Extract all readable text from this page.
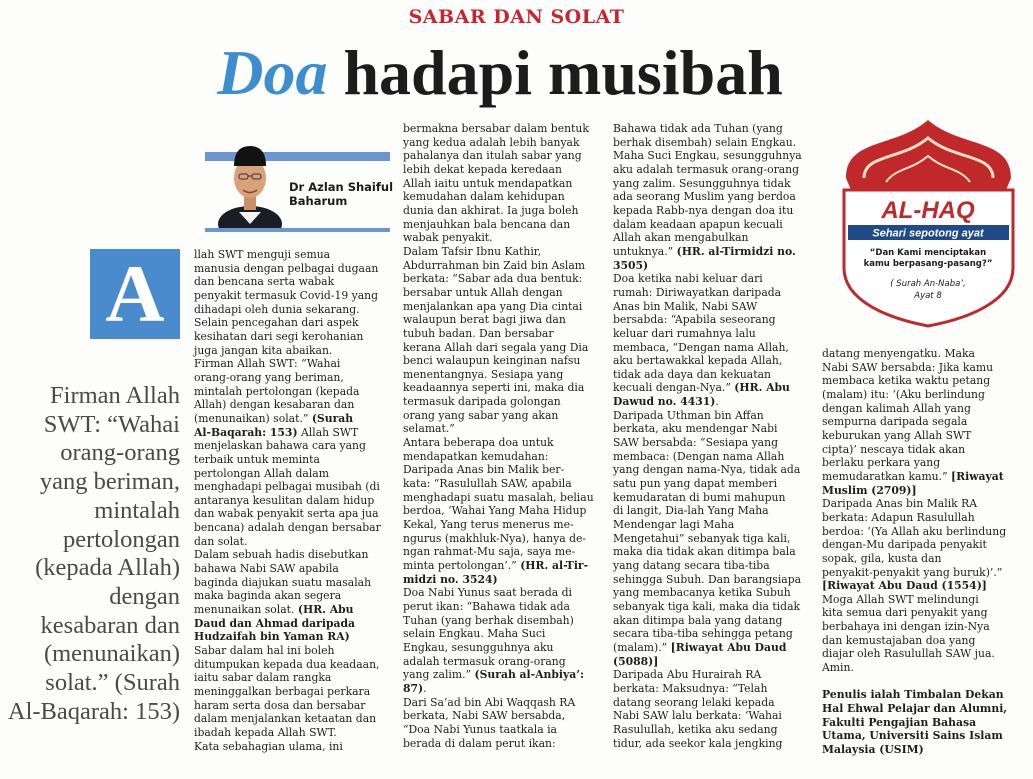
SABAR DAN SOLAT
Doa hadapi musibah
Dr Azlan Shaiful
Baharum
A
Firman Allah
SWT: “Wahai
orang-orang
yang beriman,
mintalah
pertolongan
(kepada Allah)
dengan
kesabaran dan
(menunaikan)
solat.” (Surah
Al-Baqarah: 153)
llah SWT menguji semua
manusia dengan pelbagai dugaan
dan bencana serta wabak
penyakit termasuk Covid-19 yang
dihadapi oleh dunia sekarang.
Selain pencegahan dari aspek
kesihatan dari segi kerohanian
juga jangan kita abaikan.
Firman Allah SWT: “Wahai
orang-orang yang beriman,
mintalah pertolongan (kepada
Allah) dengan kesabaran dan
(menunaikan) solat.” (Surah
Al-Baqarah: 153) Allah SWT
menjelaskan bahawa cara yang
terbaik untuk meminta
pertolongan Allah dalam
menghadapi pelbagai musibah (di
antaranya kesulitan dalam hidup
dan wabak penyakit serta apa jua
bencana) adalah dengan bersabar
dan solat.
Dalam sebuah hadis disebutkan
bahawa Nabi SAW apabila
baginda diajukan suatu masalah
maka baginda akan segera
menunaikan solat. (HR. Abu
Daud dan Ahmad daripada
Hudzaifah bin Yaman RA)
Sabar dalam hal ini boleh
ditumpukan kepada dua keadaan,
iaitu sabar dalam rangka
meninggalkan berbagai perkara
haram serta dosa dan bersabar
dalam menjalankan ketaatan dan
ibadah kepada Allah SWT.
Kata sebahagian ulama, ini
bermakna bersabar dalam bentuk
yang kedua adalah lebih banyak
pahalanya dan itulah sabar yang
lebih dekat kepada keredaan
Allah iaitu untuk mendapatkan
kemudahan dalam kehidupan
dunia dan akhirat. Ia juga boleh
menjauhkan bala bencana dan
wabak penyakit.
Dalam Tafsir Ibnu Kathir,
Abdurrahman bin Zaid bin Aslam
berkata: “Sabar ada dua bentuk:
bersabar untuk Allah dengan
menjalankan apa yang Dia cintai
walaupun berat bagi jiwa dan
tubuh badan. Dan bersabar
kerana Allah dari segala yang Dia
benci walaupun keinginan nafsu
menentangnya. Sesiapa yang
keadaannya seperti ini, maka dia
termasuk daripada golongan
orang yang sabar yang akan
selamat.”
Antara beberapa doa untuk
mendapatkan kemudahan:
Daripada Anas bin Malik ber-
kata: “Rasulullah SAW, apabila
menghadapi suatu masalah, beliau
berdoa, ‘Wahai Yang Maha Hidup
Kekal, Yang terus menerus me-
ngurus (makhluk-Nya), hanya de-
ngan rahmat-Mu saja, saya me-
minta pertolongan’.” (HR. al-Tir-
midzi no. 3524)
Doa Nabi Yunus saat berada di
perut ikan: “Bahawa tidak ada
Tuhan (yang berhak disembah)
selain Engkau. Maha Suci
Engkau, sesungguhnya aku
adalah termasuk orang-orang
yang zalim.” (Surah al-Anbiya’:
87).
Dari Sa’ad bin Abi Waqqash RA
berkata, Nabi SAW bersabda,
“Doa Nabi Yunus taatkala ia
berada di dalam perut ikan:
Bahawa tidak ada Tuhan (yang
berhak disembah) selain Engkau.
Maha Suci Engkau, sesungguhnya
aku adalah termasuk orang-orang
yang zalim. Sesungguhnya tidak
ada seorang Muslim yang berdoa
kepada Rabb-nya dengan doa itu
dalam keadaan apapun kecuali
Allah akan mengabulkan
untuknya.” (HR. al-Tirmidzi no.
3505)
Doa ketika nabi keluar dari
rumah: Diriwayatkan daripada
Anas bin Malik, Nabi SAW
bersabda: “Apabila seseorang
keluar dari rumahnya lalu
membaca, “Dengan nama Allah,
aku bertawakkal kepada Allah,
tidak ada daya dan kekuatan
kecuali dengan-Nya.” (HR. Abu
Dawud no. 4431).
Daripada Uthman bin Affan
berkata, aku mendengar Nabi
SAW bersabda: “Sesiapa yang
membaca: (Dengan nama Allah
yang dengan nama-Nya, tidak ada
satu pun yang dapat memberi
kemudaratan di bumi mahupun
di langit, Dia-lah Yang Maha
Mendengar lagi Maha
Mengetahui” sebanyak tiga kali,
maka dia tidak akan ditimpa bala
yang datang secara tiba-tiba
sehingga Subuh. Dan barangsiapa
yang membacanya ketika Subuh
sebanyak tiga kali, maka dia tidak
akan ditimpa bala yang datang
secara tiba-tiba sehingga petang
(malam).” [Riwayat Abu Daud
(5088)]
Daripada Abu Hurairah RA
berkata: Maksudnya: “Telah
datang seorang lelaki kepada
Nabi SAW lalu berkata: ‘Wahai
Rasulullah, ketika aku sedang
tidur, ada seekor kala jengking
datang menyengatku. Maka
Nabi SAW bersabda: Jika kamu
membaca ketika waktu petang
(malam) itu: ‘(Aku berlindung
dengan kalimah Allah yang
sempurna daripada segala
keburukan yang Allah SWT
cipta)’ nescaya tidak akan
berlaku perkara yang
memudaratkan kamu.” [Riwayat
Muslim (2709)]
Daripada Anas bin Malik RA
berkata: Adapun Rasulullah
berdoa: ‘(Ya Allah aku berlindung
dengan-Mu daripada penyakit
sopak, gila, kusta dan
penyakit-penyakit yang buruk)’.”
[Riwayat Abu Daud (1554)]
Moga Allah SWT melindungi
kita semua dari penyakit yang
berbahaya ini dengan izin-Nya
dan kemustajaban doa yang
diajar oleh Rasulullah SAW jua.
Amin.

Penulis ialah Timbalan Dekan
Hal Ehwal Pelajar dan Alumni,
Fakulti Pengajian Bahasa
Utama, Universiti Sains Islam
Malaysia (USIM)
AL-HAQ
Sehari sepotong ayat
“Dan Kami menciptakan
kamu berpasang-pasang?”
( Surah An-Naba’,
Ayat 8
